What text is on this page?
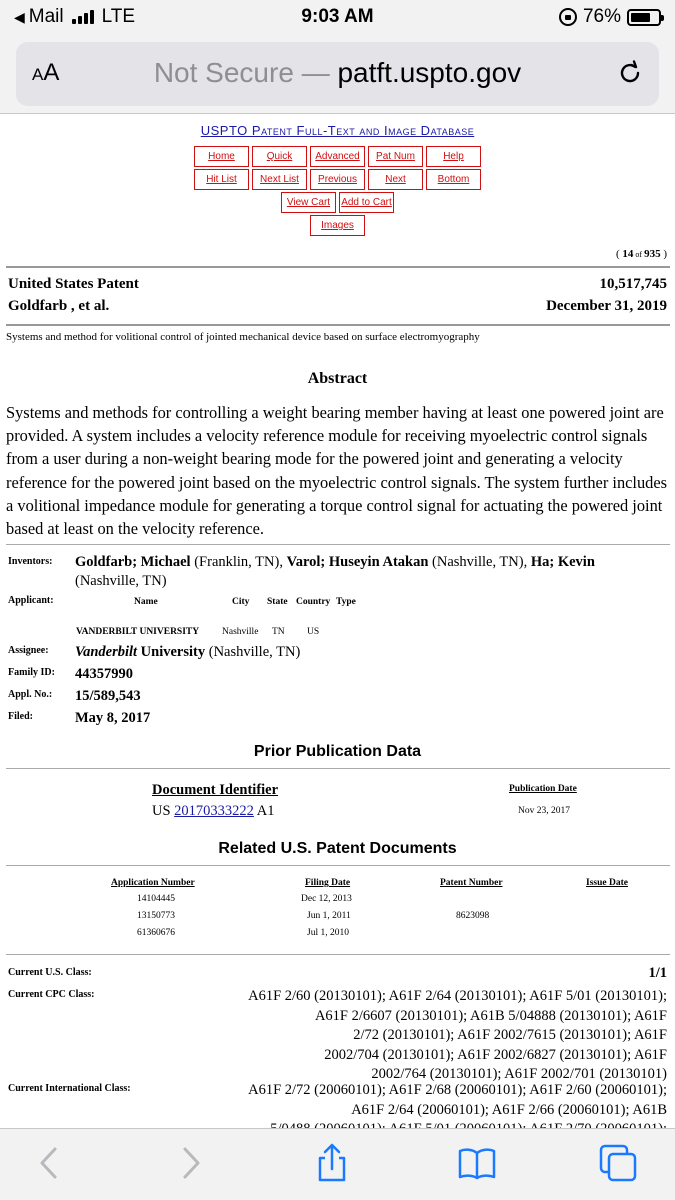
◀ Mail LTE	9:03 AM	76%
AA	Not Secure — patft.uspto.gov
USPTO Patent Full-Text and Image Database
Home	Quick	Advanced	Pat Num	Help
Hit List	Next List	Previous	Next	Bottom
View Cart	Add to Cart
Images
( 14 of 935 )
United States Patent	10,517,745
Goldfarb , et al.	December 31, 2019
Systems and method for volitional control of jointed mechanical device based on surface electromyography
Abstract
Systems and methods for controlling a weight bearing member having at least one powered joint are provided. A system includes a velocity reference module for receiving myoelectric control signals from a user during a non-weight bearing mode for the powered joint and generating a velocity reference for the powered joint based on the myoelectric control signals. The system further includes a volitional impedance module for generating a torque control signal for actuating the powered joint based at least on the velocity reference.
Inventors: Goldfarb; Michael (Franklin, TN), Varol; Huseyin Atakan (Nashville, TN), Ha; Kevin
(Nashville, TN)
Applicant:	Name	City State Country Type
VANDERBILT UNIVERSITY Nashville TN US
Assignee: Vanderbilt University (Nashville, TN)
Family ID: 44357990
Appl. No.: 15/589,543
Filed:	May 8, 2017
Prior Publication Data
Document Identifier	Publication Date
US 20170333222 A1	Nov 23, 2017
Related U.S. Patent Documents
Application Number	Filing Date	Patent Number	Issue Date
14104445	Dec 12, 2013
13150773	Jun 1, 2011	8623098
61360676	Jul 1, 2010
Current U.S. Class:	1/1
Current CPC Class:	A61F 2/60 (20130101); A61F 2/64 (20130101); A61F 5/01 (20130101);
A61F 2/6607 (20130101); A61B 5/04888 (20130101); A61F
2/72 (20130101); A61F 2002/7615 (20130101); A61F
2002/704 (20130101); A61F 2002/6827 (20130101); A61F
2002/764 (20130101); A61F 2002/701 (20130101)
Current International Class:	A61F 2/72 (20060101); A61F 2/68 (20060101); A61F 2/60 (20060101);
A61F 2/64 (20060101); A61F 2/66 (20060101); A61B
